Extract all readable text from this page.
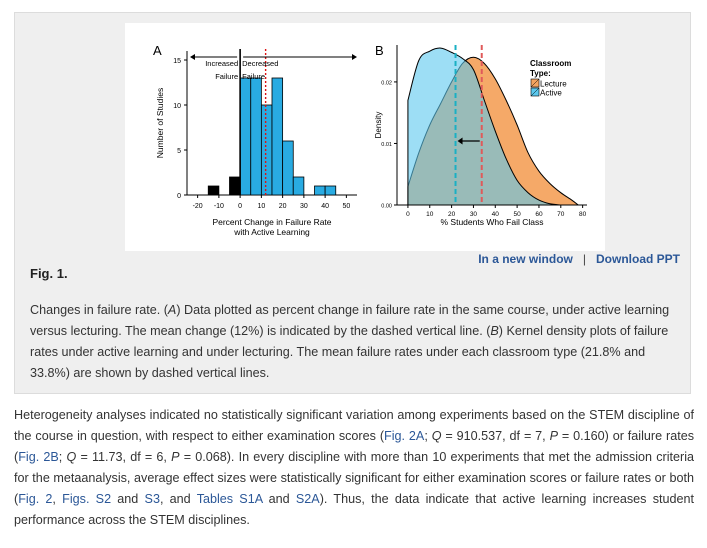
A
0
5
10
15
-20 -10 0 10 20 30 40 50
Increased
Failure
Decreased
Failure
Percent Change in Failure Rate
with Active Learning
Number of Studies
B
0.00
0.01
0.02
0	10 20 30 40 50 60 70 80
% Students Who Fail Class
Density
Classroom
Type:
Lecture
Active
In a new window | Download PPT
Fig. 1.
Changes in failure rate. (A) Data plotted as percent change in failure rate in the same course, under active learning versus lecturing. The mean change (12%) is indicated by the dashed vertical line. (B) Kernel density plots of failure rates under active learning and under lecturing. The mean failure rates under each classroom type (21.8% and 33.8%) are shown by dashed vertical lines.
Heterogeneity analyses indicated no statistically significant variation among experiments based on the STEM discipline of the course in question, with respect to either examination scores (Fig. 2A; Q = 910.537, df = 7, P = 0.160) or failure rates (Fig. 2B; Q = 11.73, df = 6, P = 0.068). In every discipline with more than 10 experiments that met the admission criteria for the metaanalysis, average effect sizes were statistically significant for either examination scores or failure rates or both (Fig. 2, Figs. S2 and S3, and Tables S1A and S2A). Thus, the data indicate that active learning increases student performance across the STEM disciplines.
